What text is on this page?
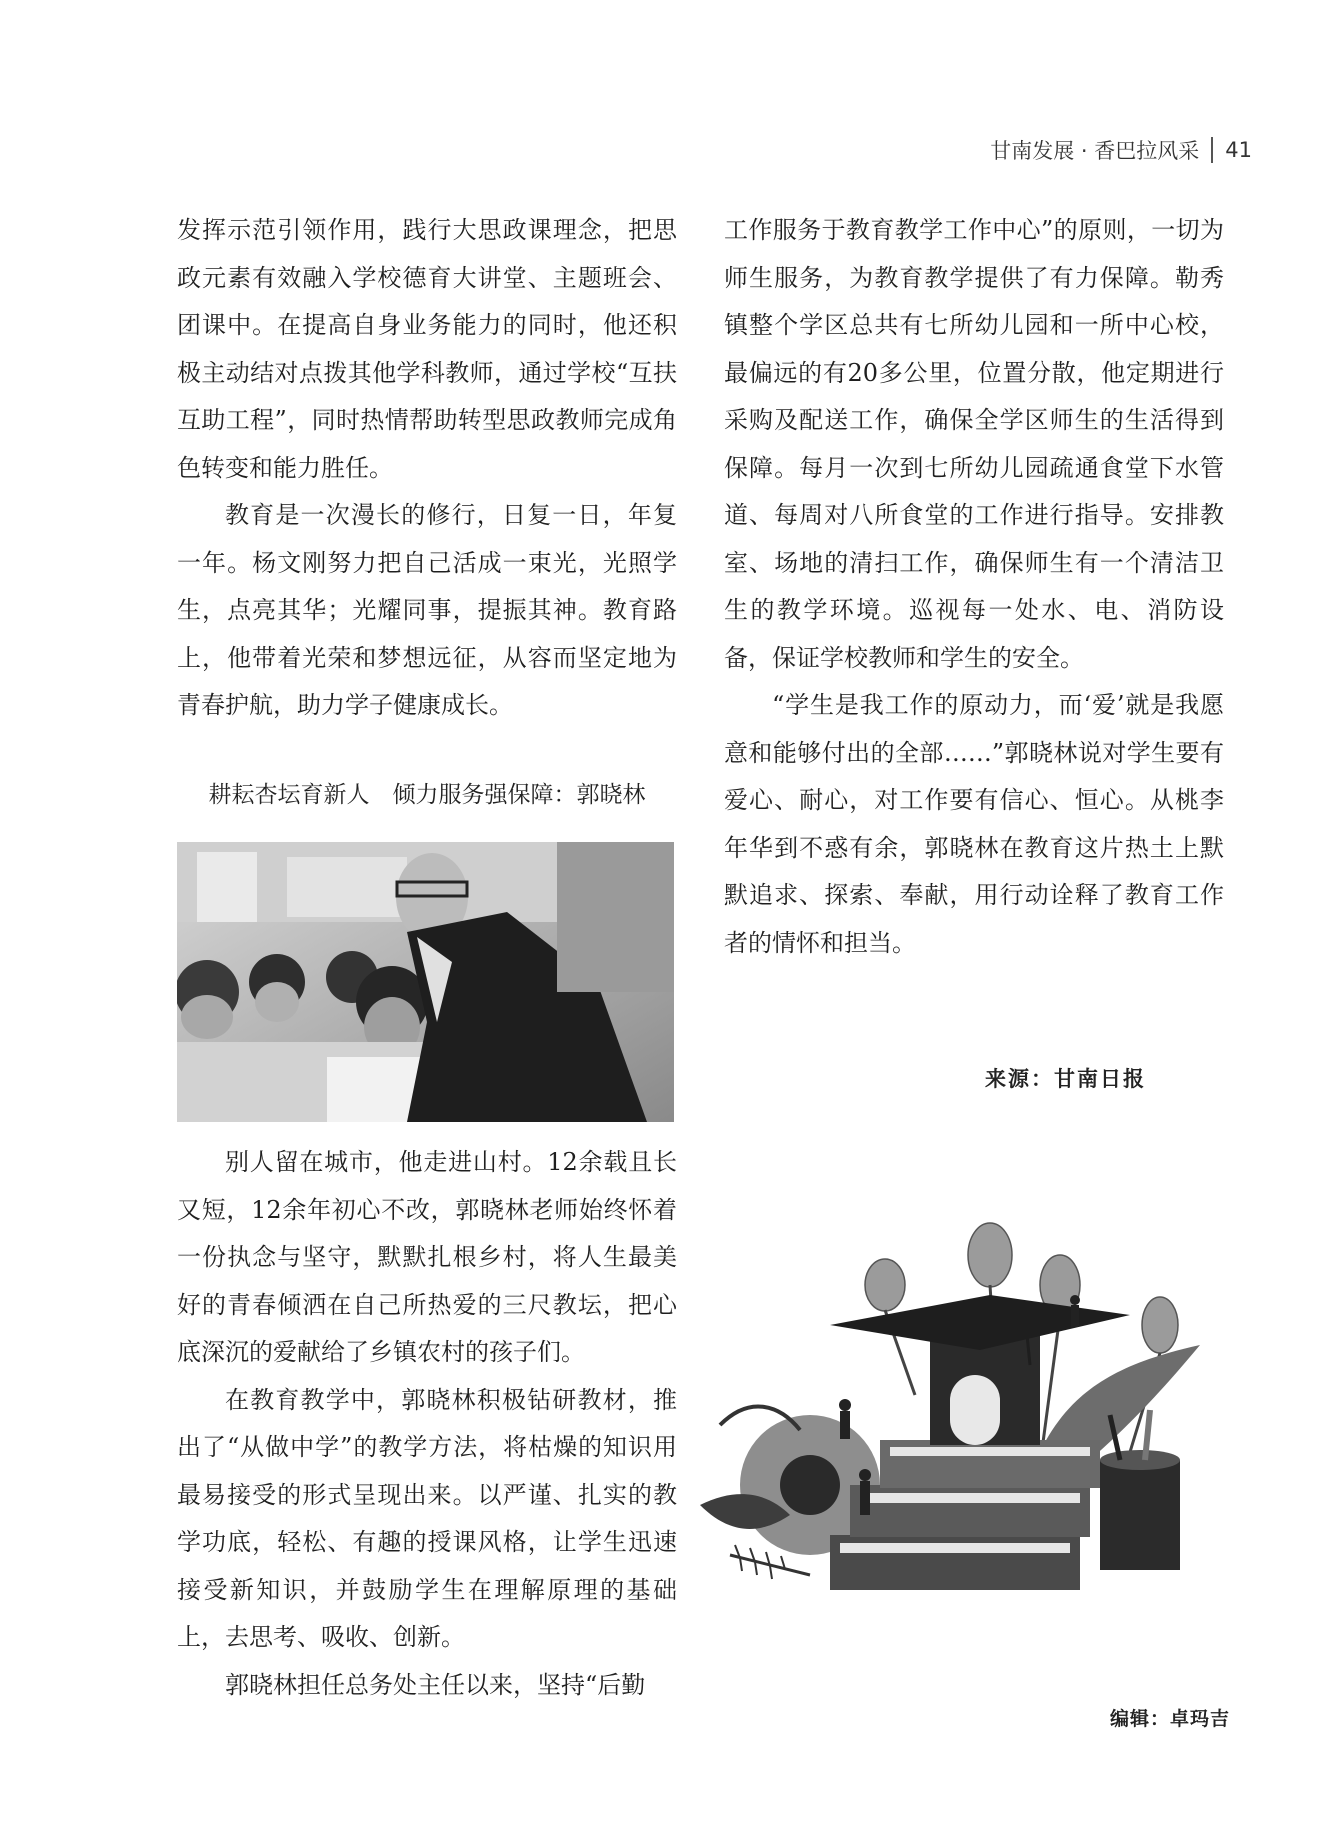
甘南发展 · 香巴拉风采 41

发挥示范引领作用，践行大思政课理念，把思政元素有效融入学校德育大讲堂、主题班会、团课中。在提高自身业务能力的同时，他还积极主动结对点拨其他学科教师，通过学校“互扶互助工程”，同时热情帮助转型思政教师完成角色转变和能力胜任。

教育是一次漫长的修行，日复一日，年复一年。杨文刚努力把自己活成一束光，光照学生，点亮其华；光耀同事，提振其神。教育路上，他带着光荣和梦想远征，从容而坚定地为青春护航，助力学子健康成长。

耕耘杏坛育新人　倾力服务强保障：郭晓林

别人留在城市，他走进山村。12余载且长又短，12余年初心不改，郭晓林老师始终怀着一份执念与坚守，默默扎根乡村，将人生最美好的青春倾洒在自己所热爱的三尺教坛，把心底深沉的爱献给了乡镇农村的孩子们。

在教育教学中，郭晓林积极钻研教材，推出了“从做中学”的教学方法，将枯燥的知识用最易接受的形式呈现出来。以严谨、扎实的教学功底，轻松、有趣的授课风格，让学生迅速接受新知识，并鼓励学生在理解原理的基础上，去思考、吸收、创新。

郭晓林担任总务处主任以来，坚持“后勤

工作服务于教育教学工作中心”的原则，一切为师生服务，为教育教学提供了有力保障。勒秀镇整个学区总共有七所幼儿园和一所中心校，最偏远的有20多公里，位置分散，他定期进行采购及配送工作，确保全学区师生的生活得到保障。每月一次到七所幼儿园疏通食堂下水管道、每周对八所食堂的工作进行指导。安排教室、场地的清扫工作，确保师生有一个清洁卫生的教学环境。巡视每一处水、电、消防设备，保证学校教师和学生的安全。

“学生是我工作的原动力，而‘爱’就是我愿意和能够付出的全部……”郭晓林说对学生要有爱心、耐心，对工作要有信心、恒心。从桃李年华到不惑有余，郭晓林在教育这片热土上默默追求、探索、奉献，用行动诠释了教育工作者的情怀和担当。

来源：甘南日报
编辑：卓玛吉
